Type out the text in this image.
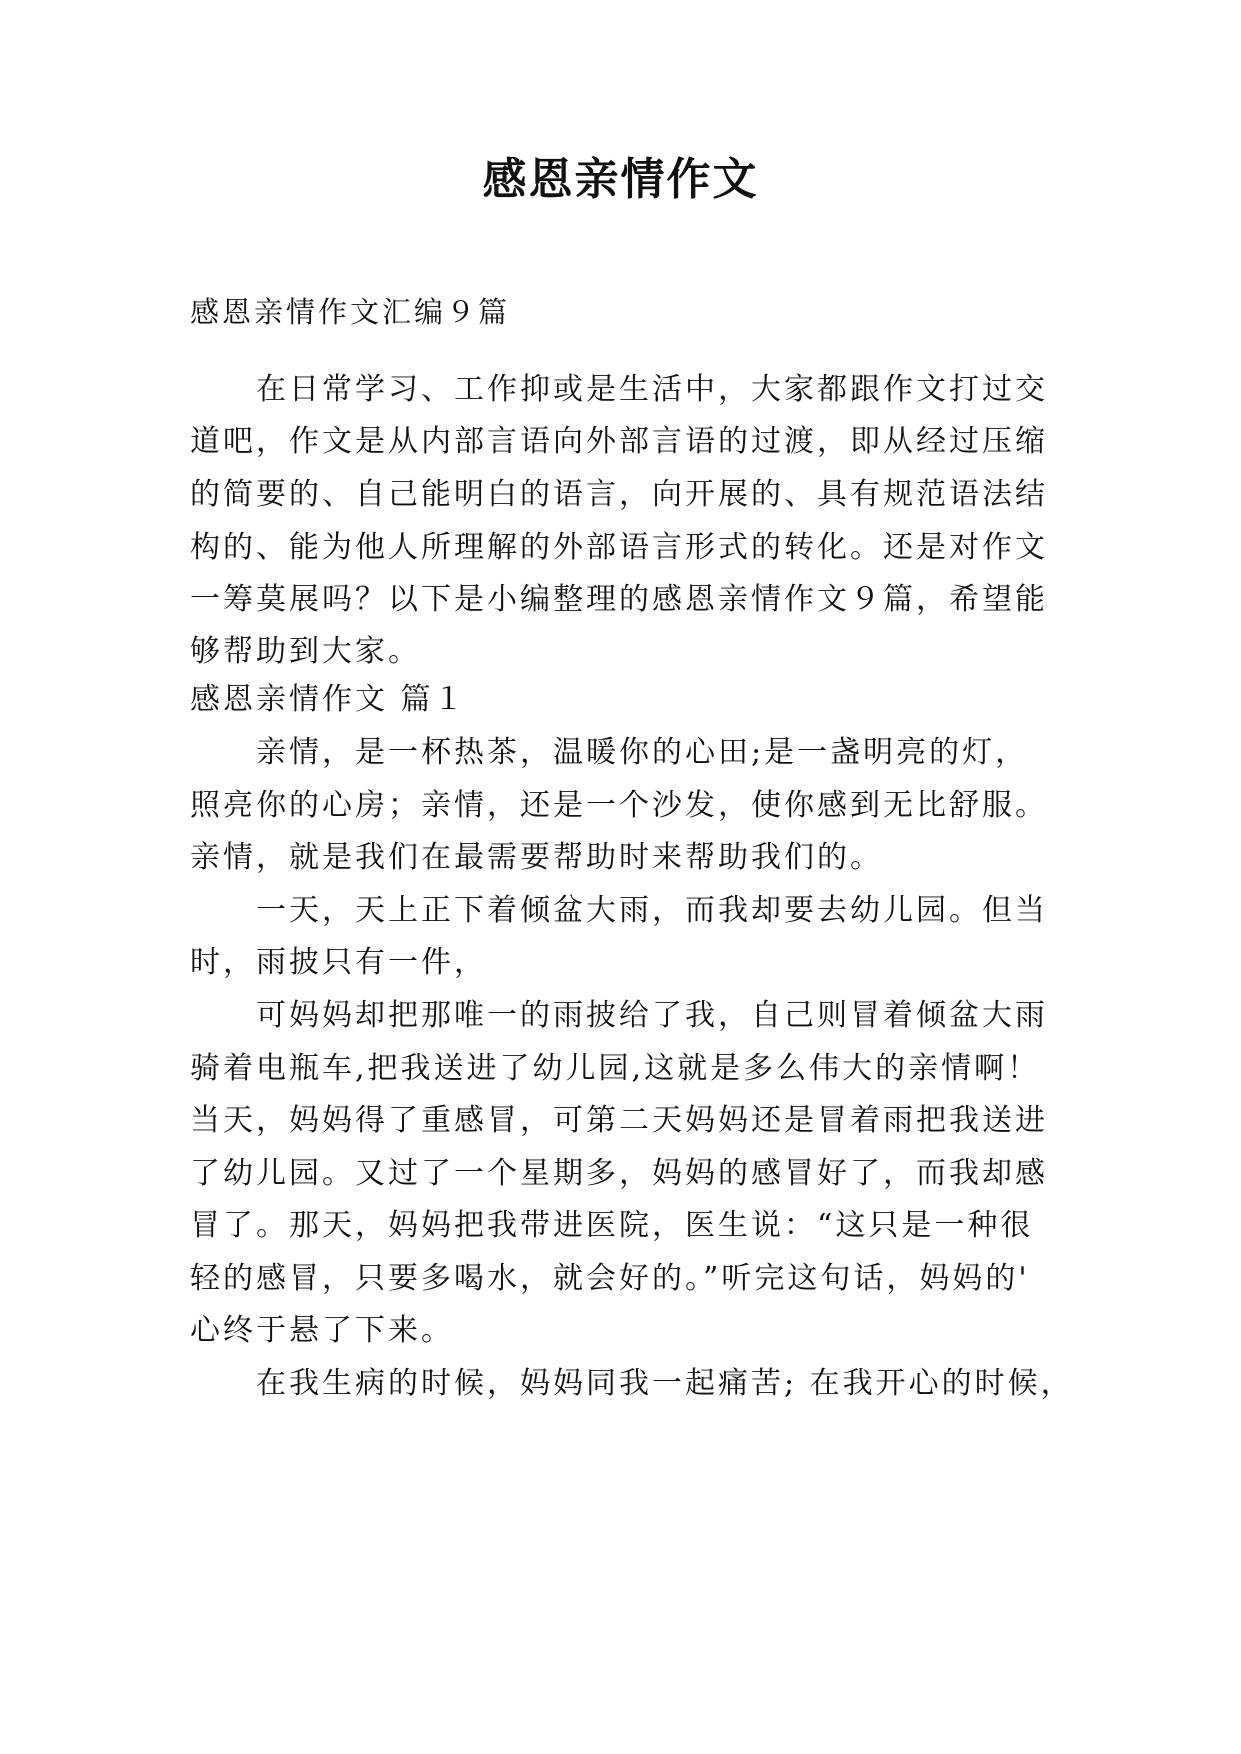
感恩亲情作文

感恩亲情作文汇编９篇

在日常学习、工作抑或是生活中，大家都跟作文打过交

道吧，作文是从内部言语向外部言语的过渡，即从经过压缩

的简要的、自己能明白的语言，向开展的、具有规范语法结

构的、能为他人所理解的外部语言形式的转化。还是对作文

一筹莫展吗？以下是小编整理的感恩亲情作文９篇，希望能

够帮助到大家。

感恩亲情作文 篇１

亲情，是一杯热茶，温暖你的心田;是一盏明亮的灯，

照亮你的心房；亲情，还是一个沙发，使你感到无比舒服。

亲情，就是我们在最需要帮助时来帮助我们的。

一天，天上正下着倾盆大雨，而我却要去幼儿园。但当

时，雨披只有一件，

可妈妈却把那唯一的雨披给了我，自己则冒着倾盆大雨

骑着电瓶车,把我送进了幼儿园,这就是多么伟大的亲情啊！

当天，妈妈得了重感冒，可第二天妈妈还是冒着雨把我送进

了幼儿园。又过了一个星期多，妈妈的感冒好了，而我却感

冒了。那天，妈妈把我带进医院，医生说：“这只是一种很

轻的感冒，只要多喝水，就会好的。”听完这句话，妈妈的'

心终于悬了下来。

在我生病的时候，妈妈同我一起痛苦; 在我开心的时候，
